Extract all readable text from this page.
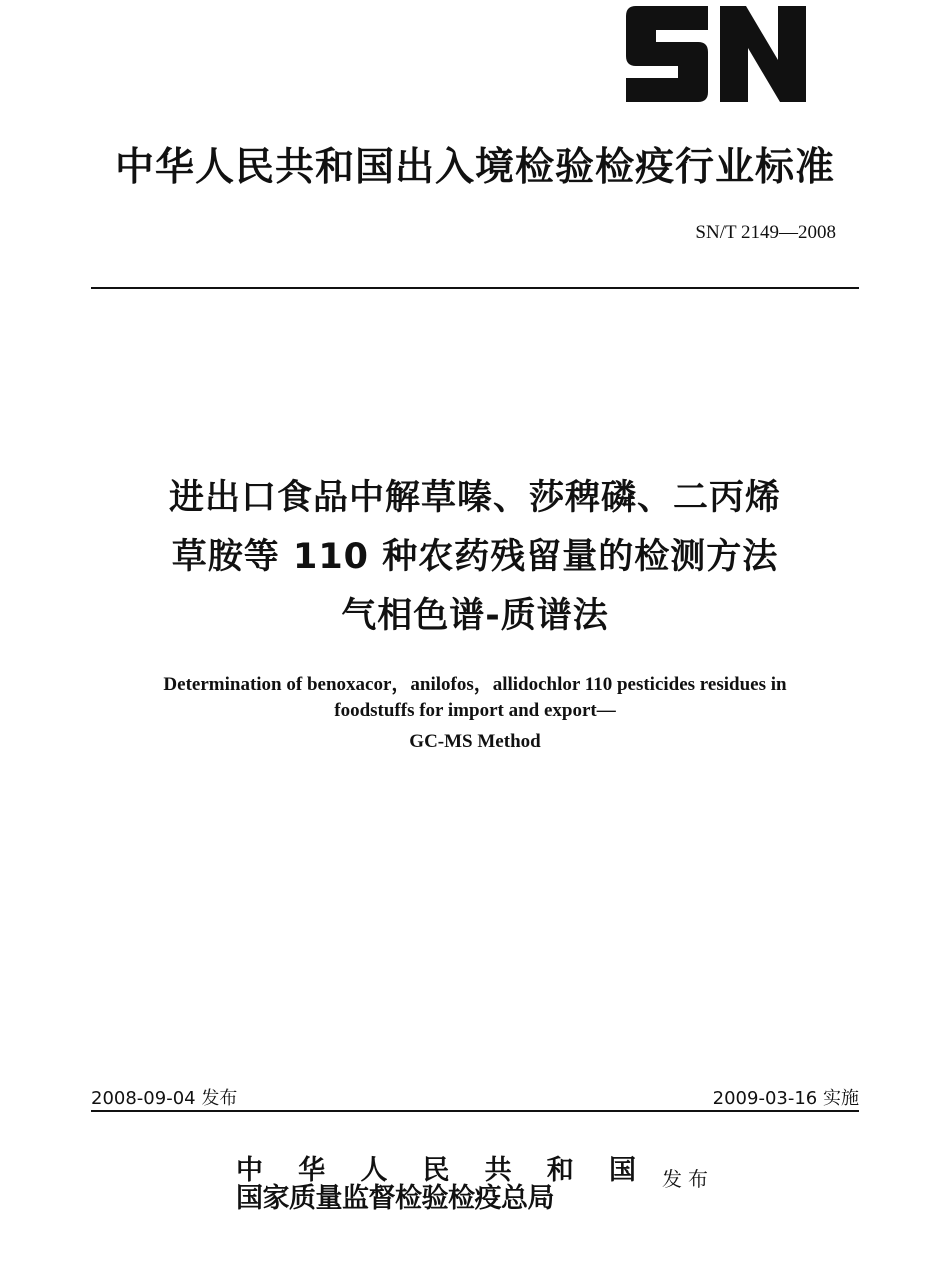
中华人民共和国出入境检验检疫行业标准
SN/T 2149—2008
进出口食品中解草嗪、莎稗磷、二丙烯
草胺等 110 种农药残留量的检测方法
气相色谱-质谱法
Determination of benoxacor，anilofos，allidochlor 110 pesticides residues in
foodstuffs for import and export—
GC-MS Method
2008-09-04 发布	2009-03-16 实施
中 华 人 民 共 和 国
国家质量监督检验检疫总局
发布
